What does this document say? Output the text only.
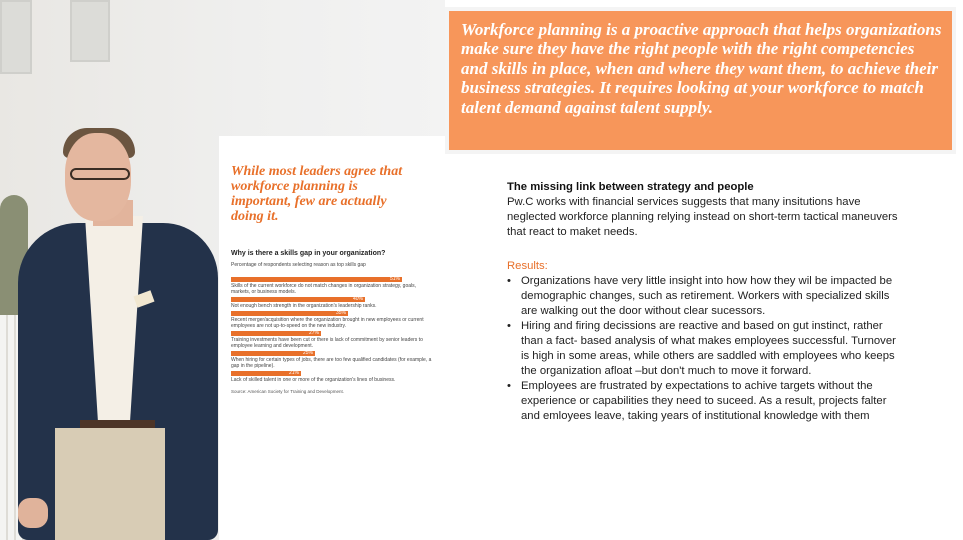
While most leaders agree that workforce planning is important, few are actually doing it.

Why is there a skills gap in your organization?
Percentage of respondents selecting reason as top skills gap
51%
Skills of the current workforce do not match changes in organization strategy, goals, markets, or business models.
40%
Not enough bench strength in the organization's leadership ranks.
35%
Recent merger/acquisition where the organization brought in new employees or current employees are not up-to-speed on the new industry.
27%
Training investments have been cut or there is lack of commitment by senior leaders to employee learning and development.
25%
When hiring for certain types of jobs, there are too few qualified candidates (for example, a gap in the pipeline).
21%
Lack of skilled talent in one or more of the organization's lines of business.
Source: American Society for Training and Development.

Workforce planning is a proactive approach that helps organizations make sure they have the right people with the right competencies and skills in place, when and where they want them, to achieve their business strategies. It requires looking at your workforce to match talent demand against talent supply.

The missing link between strategy and people
Pw.C works with financial services suggests that many insitutions have neglected workforce planning relying instead on short-term tactical maneuvers that react to maket needs.
Results:
• Organizations have very little insight into how how they wil be impacted be demographic changes, such as retirement. Workers with specialized skills are walking out the door without clear sucessors.
• Hiring and firing decissions are reactive and based on gut instinct, rather than a fact- based analysis of what makes employees successful. Turnover is high in some areas, while others are saddled with employees who keeps the organization afloat –but don't much to move it forward.
• Employees are frustrated by expectations to achive targets without the experience or capabilities they need to suceed. As a result, projects falter and emloyees leave, taking years of institutional knowledge with them
